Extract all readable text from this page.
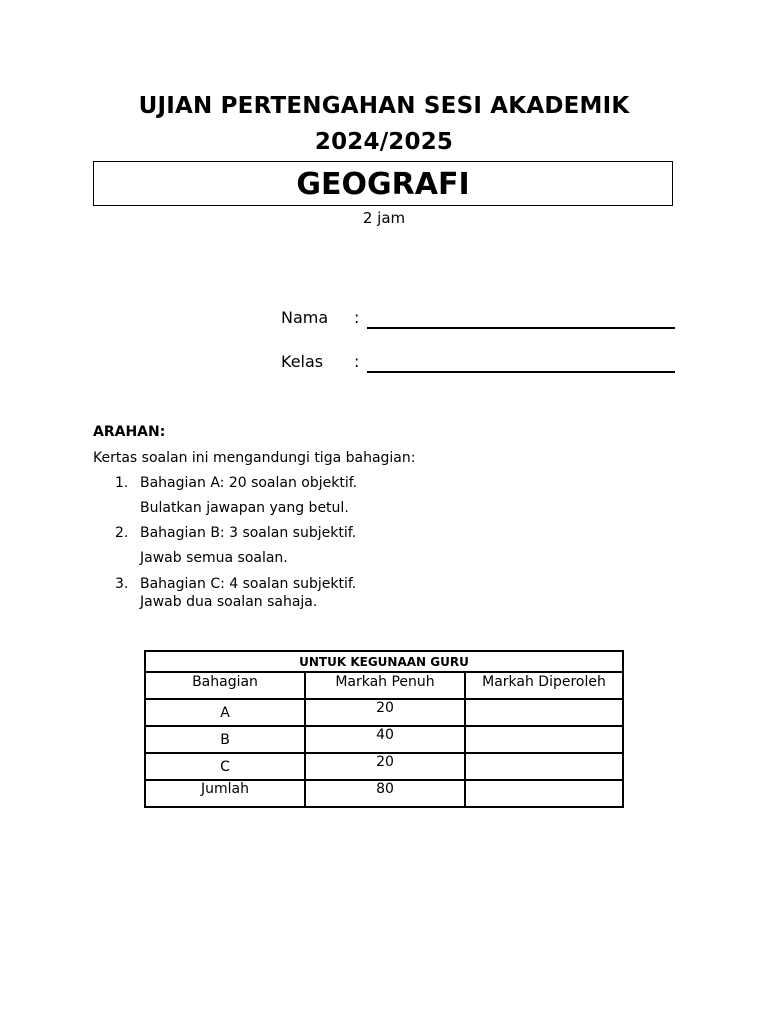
UJIAN PERTENGAHAN SESI AKADEMIK
2024/2025
GEOGRAFI
2 jam
Nama :
Kelas :
ARAHAN:
Kertas soalan ini mengandungi tiga bahagian:
1. Bahagian A: 20 soalan objektif.
Bulatkan jawapan yang betul.
2. Bahagian B: 3 soalan subjektif.
Jawab semua soalan.
3. Bahagian C: 4 soalan subjektif.
Jawab dua soalan sahaja.
UNTUK KEGUNAAN GURU		
Bahagian	Markah Penuh	Markah Diperoleh
A	20	
B	40	
C	20	
Jumlah	80	
